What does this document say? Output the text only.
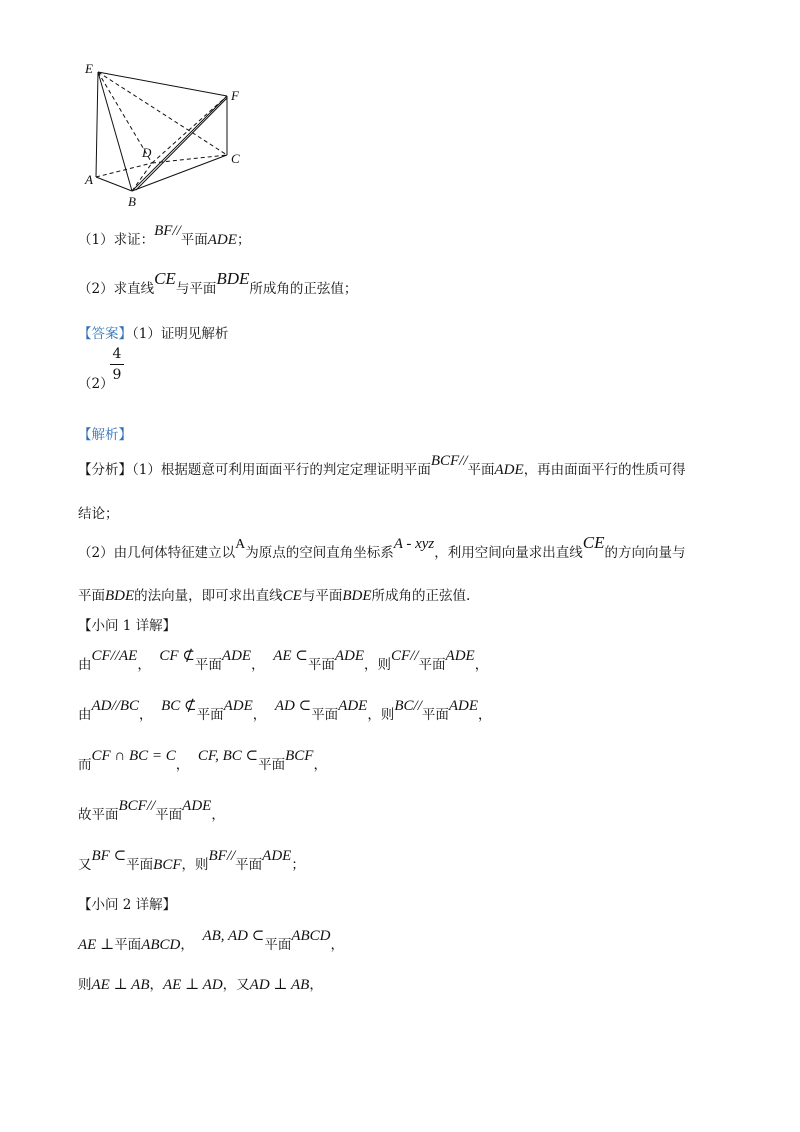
E
F
D	C
A
B
（1）求证：BF//平面ADE；
（2）求直线CE与平面BDE所成角的正弦值；
【答案】（1）证明见解析
（2）
4
9
【解析】
【分析】（1）根据题意可利用面面平行的判定定理证明平面BCF//平面ADE，再由面面平行的性质可得
结论；
（2）由几何体特征建立以A为原点的空间直角坐标系A - xyz，利用空间向量求出直线CE的方向向量与
平面BDE的法向量，即可求出直线CE与平面BDE所成角的正弦值.
【小问 1 详解】
由CF//AE，  CF ⊄平面ADE，  AE ⊂平面ADE，则CF//平面ADE，
由AD//BC，  BC ⊄平面ADE，  AD ⊂平面ADE，则BC//平面ADE，
而CF ∩ BC = C，  CF, BC ⊂平面BCF，
故平面BCF//平面ADE，
又BF ⊂平面BCF，则BF//平面ADE；
【小问 2 详解】
AE ⊥平面ABCD，  AB, AD ⊂平面ABCD，
则AE ⊥ AB，AE ⊥ AD，又AD ⊥ AB，
